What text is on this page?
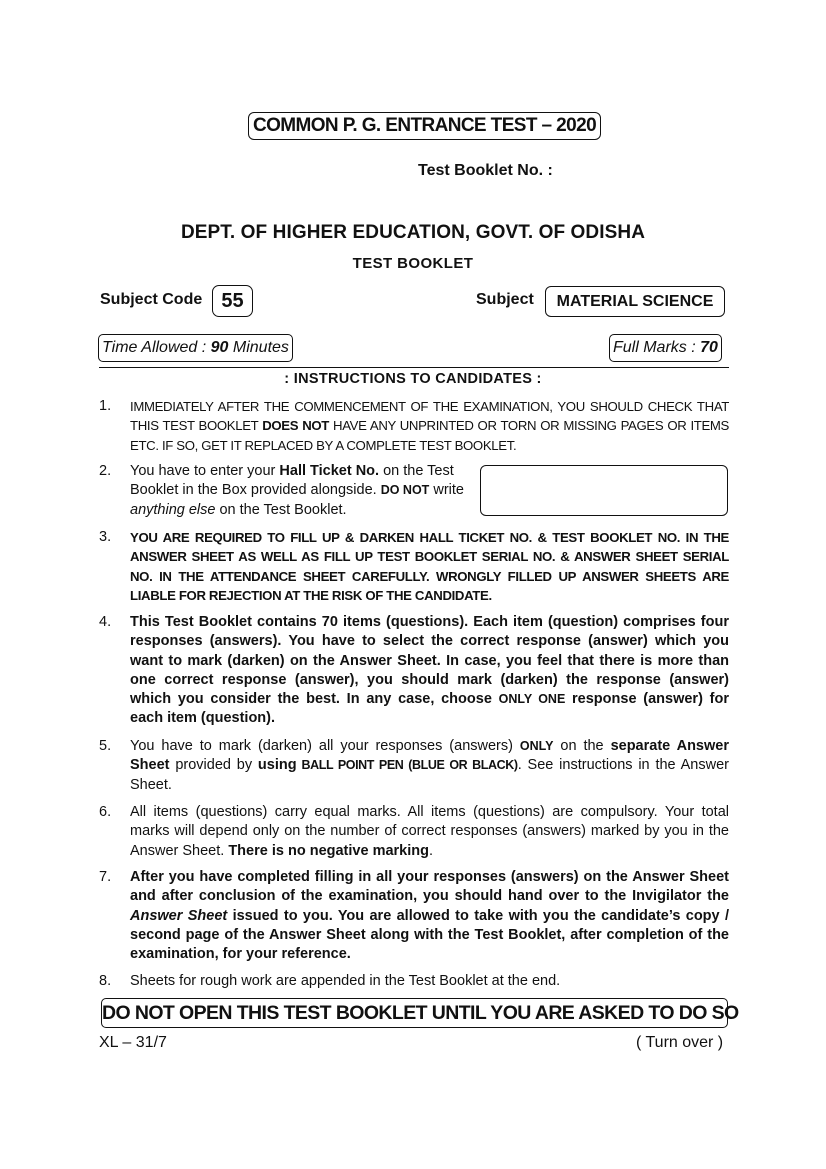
COMMON P. G. ENTRANCE TEST – 2020
Test Booklet No. :
DEPT. OF HIGHER EDUCATION, GOVT. OF ODISHA
TEST BOOKLET
Subject Code 55	Subject	MATERIAL SCIENCE
Time Allowed : 90 Minutes	Full Marks : 70
: INSTRUCTIONS TO CANDIDATES :
1. IMMEDIATELY AFTER THE COMMENCEMENT OF THE EXAMINATION, YOU SHOULD CHECK THAT THIS TEST BOOKLET DOES NOT HAVE ANY UNPRINTED OR TORN OR MISSING PAGES OR ITEMS ETC. IF SO, GET IT REPLACED BY A COMPLETE TEST BOOKLET.
2. You have to enter your Hall Ticket No. on the Test Booklet in the Box provided alongside. DO NOT write anything else on the Test Booklet.
3. YOU ARE REQUIRED TO FILL UP & DARKEN HALL TICKET NO. & TEST BOOKLET NO. IN THE ANSWER SHEET AS WELL AS FILL UP TEST BOOKLET SERIAL NO. & ANSWER SHEET SERIAL NO. IN THE ATTENDANCE SHEET CAREFULLY. WRONGLY FILLED UP ANSWER SHEETS ARE LIABLE FOR REJECTION AT THE RISK OF THE CANDIDATE.
4. This Test Booklet contains 70 items (questions). Each item (question) comprises four responses (answers). You have to select the correct response (answer) which you want to mark (darken) on the Answer Sheet. In case, you feel that there is more than one correct response (answer), you should mark (darken) the response (answer) which you consider the best. In any case, choose ONLY ONE response (answer) for each item (question).
5. You have to mark (darken) all your responses (answers) ONLY on the separate Answer Sheet provided by using BALL POINT PEN (BLUE OR BLACK). See instructions in the Answer Sheet.
6. All items (questions) carry equal marks. All items (questions) are compulsory. Your total marks will depend only on the number of correct responses (answers) marked by you in the Answer Sheet. There is no negative marking.
7. After you have completed filling in all your responses (answers) on the Answer Sheet and after conclusion of the examination, you should hand over to the Invigilator the Answer Sheet issued to you. You are allowed to take with you the candidate’s copy / second page of the Answer Sheet along with the Test Booklet, after completion of the examination, for your reference.
8. Sheets for rough work are appended in the Test Booklet at the end.
DO NOT OPEN THIS TEST BOOKLET UNTIL YOU ARE ASKED TO DO SO
XL – 31/7	( Turn over )
